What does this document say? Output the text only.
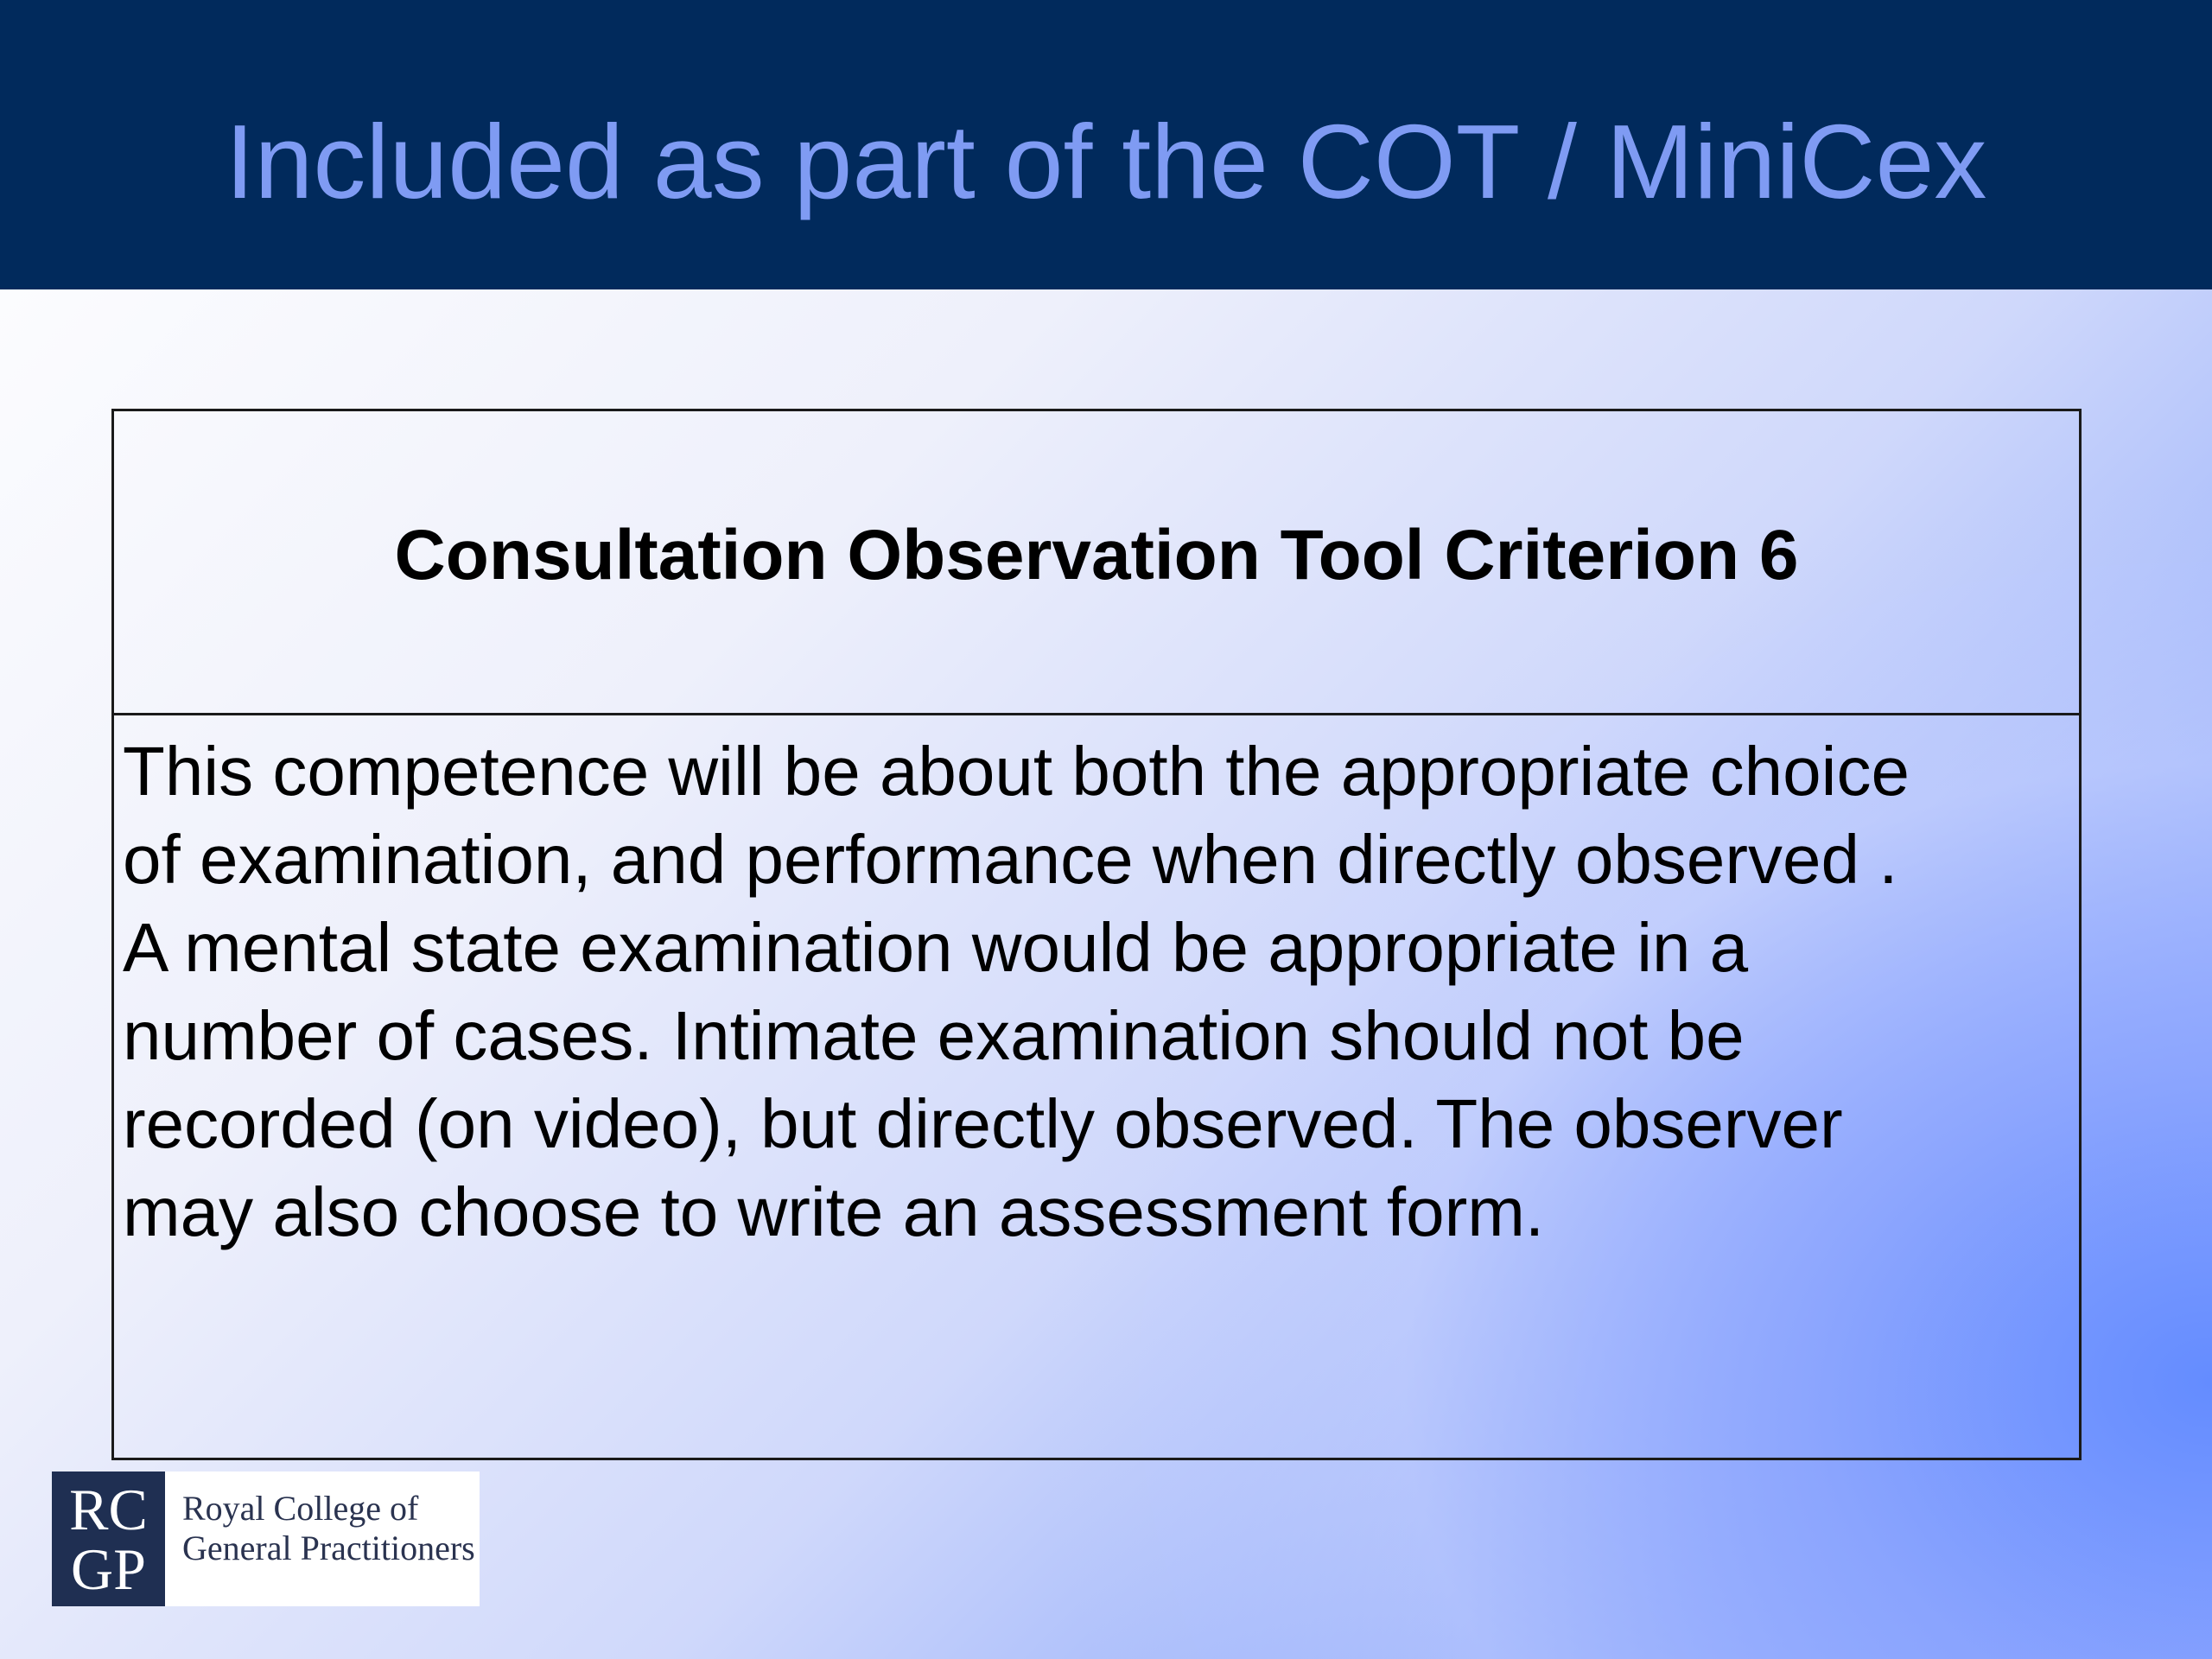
Included as part of the COT / MiniCex
Consultation Observation Tool Criterion 6
This competence will be about both the appropriate choice
of examination, and performance when directly observed .
A mental state examination would be appropriate in a
number of cases. Intimate examination should not be
recorded (on video), but directly observed. The observer
may also choose to write an assessment form.
RC
GP
Royal College of
General Practitioners
